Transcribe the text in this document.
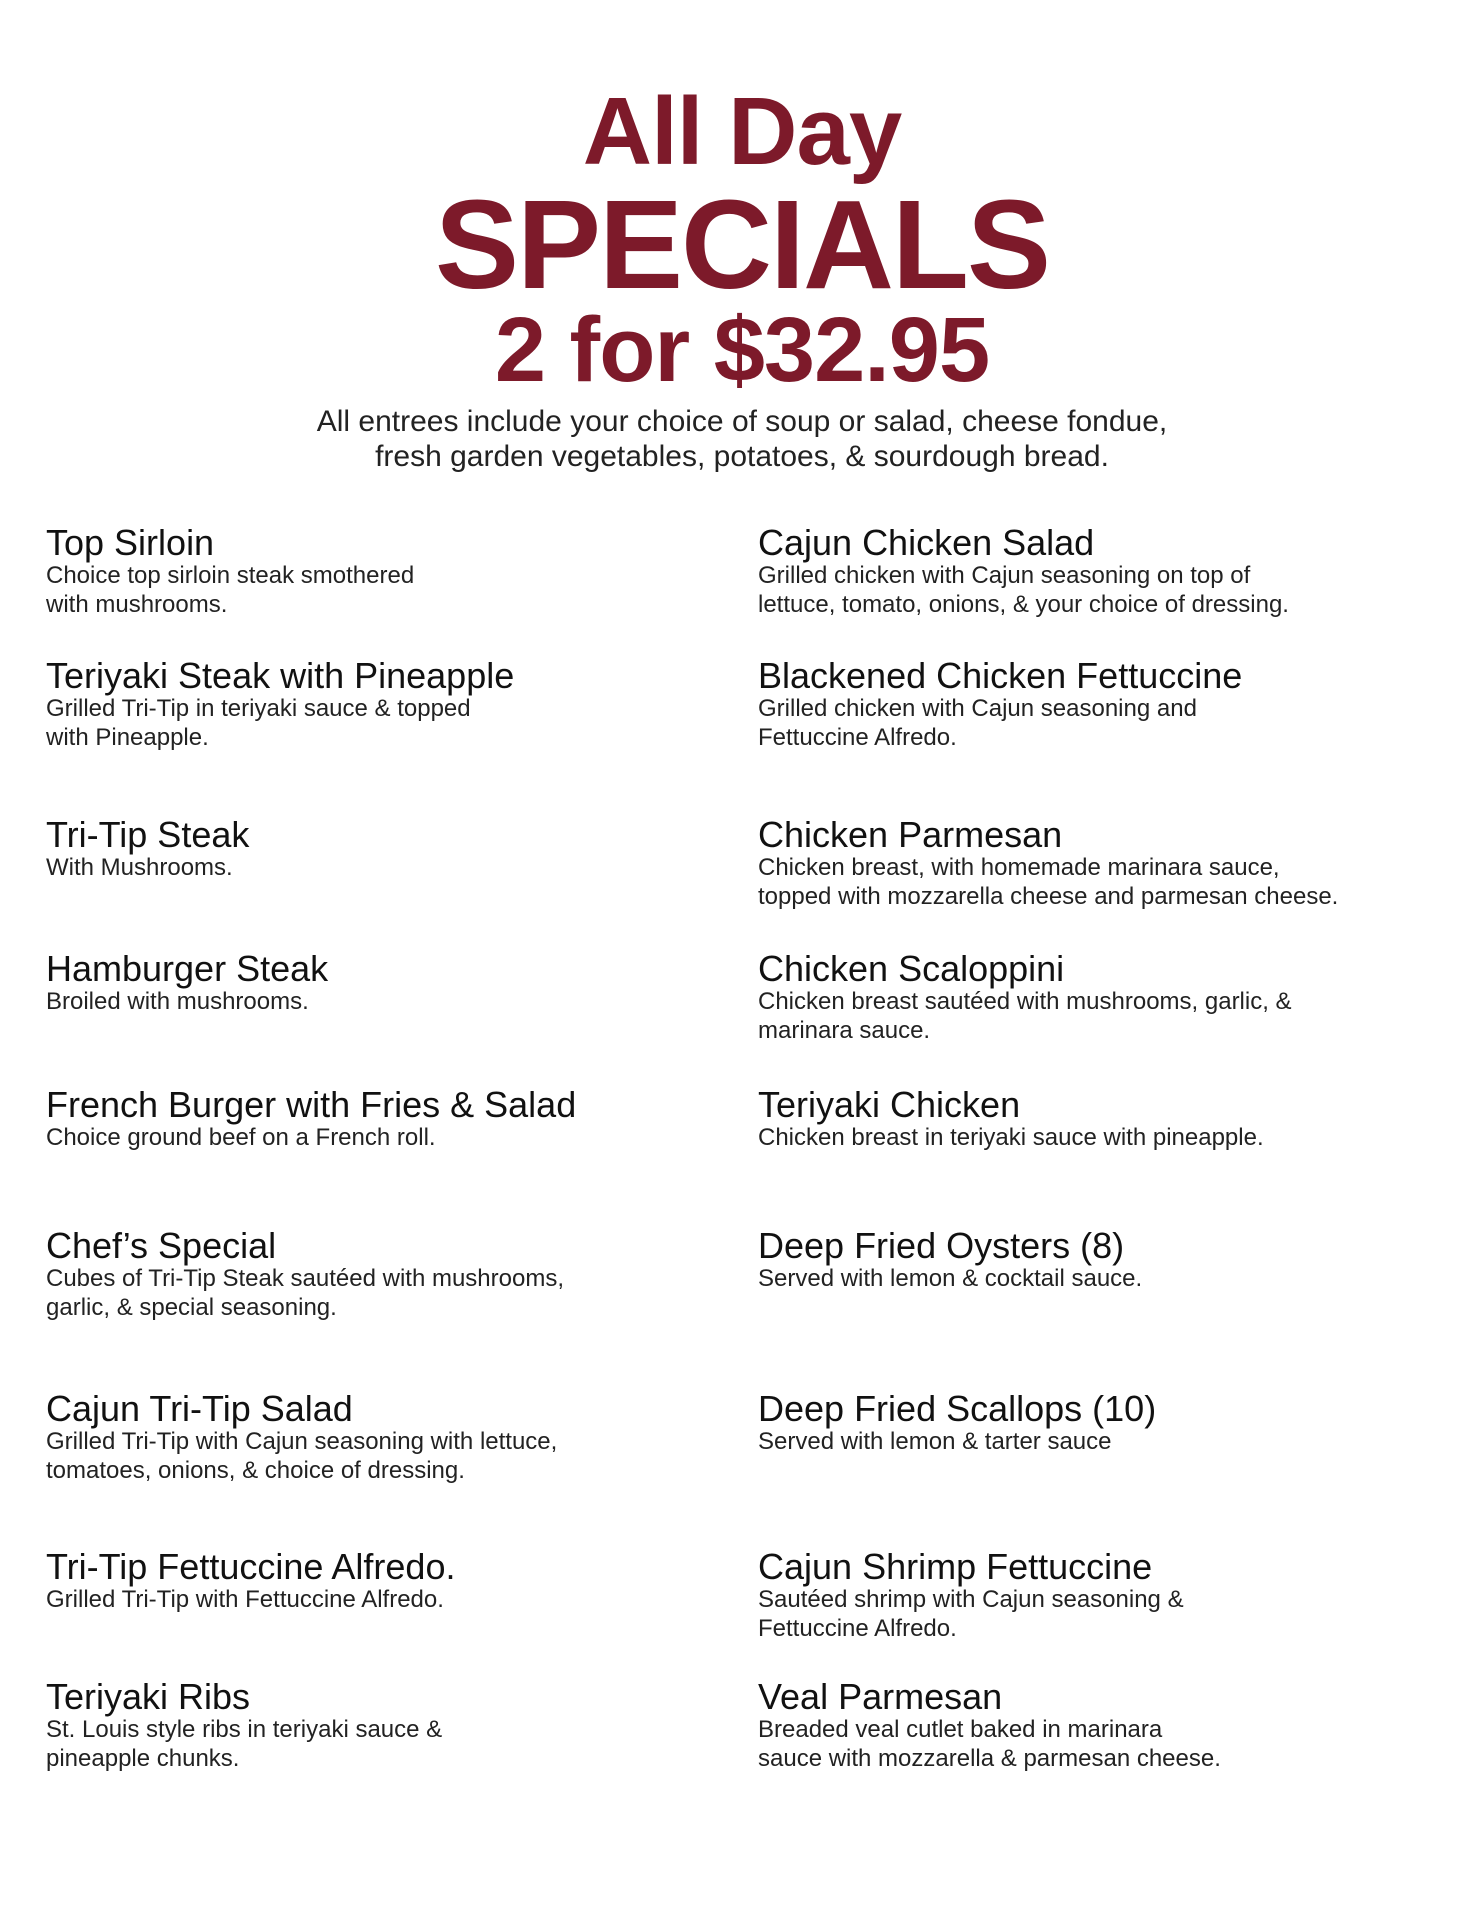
All Day
SPECIALS
2 for $32.95
All entrees include your choice of soup or salad, cheese fondue,
fresh garden vegetables, potatoes, & sourdough bread.
Top Sirloin
Choice top sirloin steak smothered
with mushrooms.
Teriyaki Steak with Pineapple
Grilled Tri-Tip in teriyaki sauce & topped
with Pineapple.
Tri-Tip Steak
With Mushrooms.
Hamburger Steak
Broiled with mushrooms.
French Burger with Fries & Salad
Choice ground beef on a French roll.
Chef’s Special
Cubes of Tri-Tip Steak sautéed with mushrooms,
garlic, & special seasoning.
Cajun Tri-Tip Salad
Grilled Tri-Tip with Cajun seasoning with lettuce,
tomatoes, onions, & choice of dressing.
Tri-Tip Fettuccine Alfredo.
Grilled Tri-Tip with Fettuccine Alfredo.
Teriyaki Ribs
St. Louis style ribs in teriyaki sauce &
pineapple chunks.
Cajun Chicken Salad
Grilled chicken with Cajun seasoning on top of
lettuce, tomato, onions, & your choice of dressing.
Blackened Chicken Fettuccine
Grilled chicken with Cajun seasoning and
Fettuccine Alfredo.
Chicken Parmesan
Chicken breast, with homemade marinara sauce,
topped with mozzarella cheese and parmesan cheese.
Chicken Scaloppini
Chicken breast sautéed with mushrooms, garlic, &
marinara sauce.
Teriyaki Chicken
Chicken breast in teriyaki sauce with pineapple.
Deep Fried Oysters (8)
Served with lemon & cocktail sauce.
Deep Fried Scallops (10)
Served with lemon & tarter sauce
Cajun Shrimp Fettuccine
Sautéed shrimp with Cajun seasoning &
Fettuccine Alfredo.
Veal Parmesan
Breaded veal cutlet baked in marinara
sauce with mozzarella & parmesan cheese.
